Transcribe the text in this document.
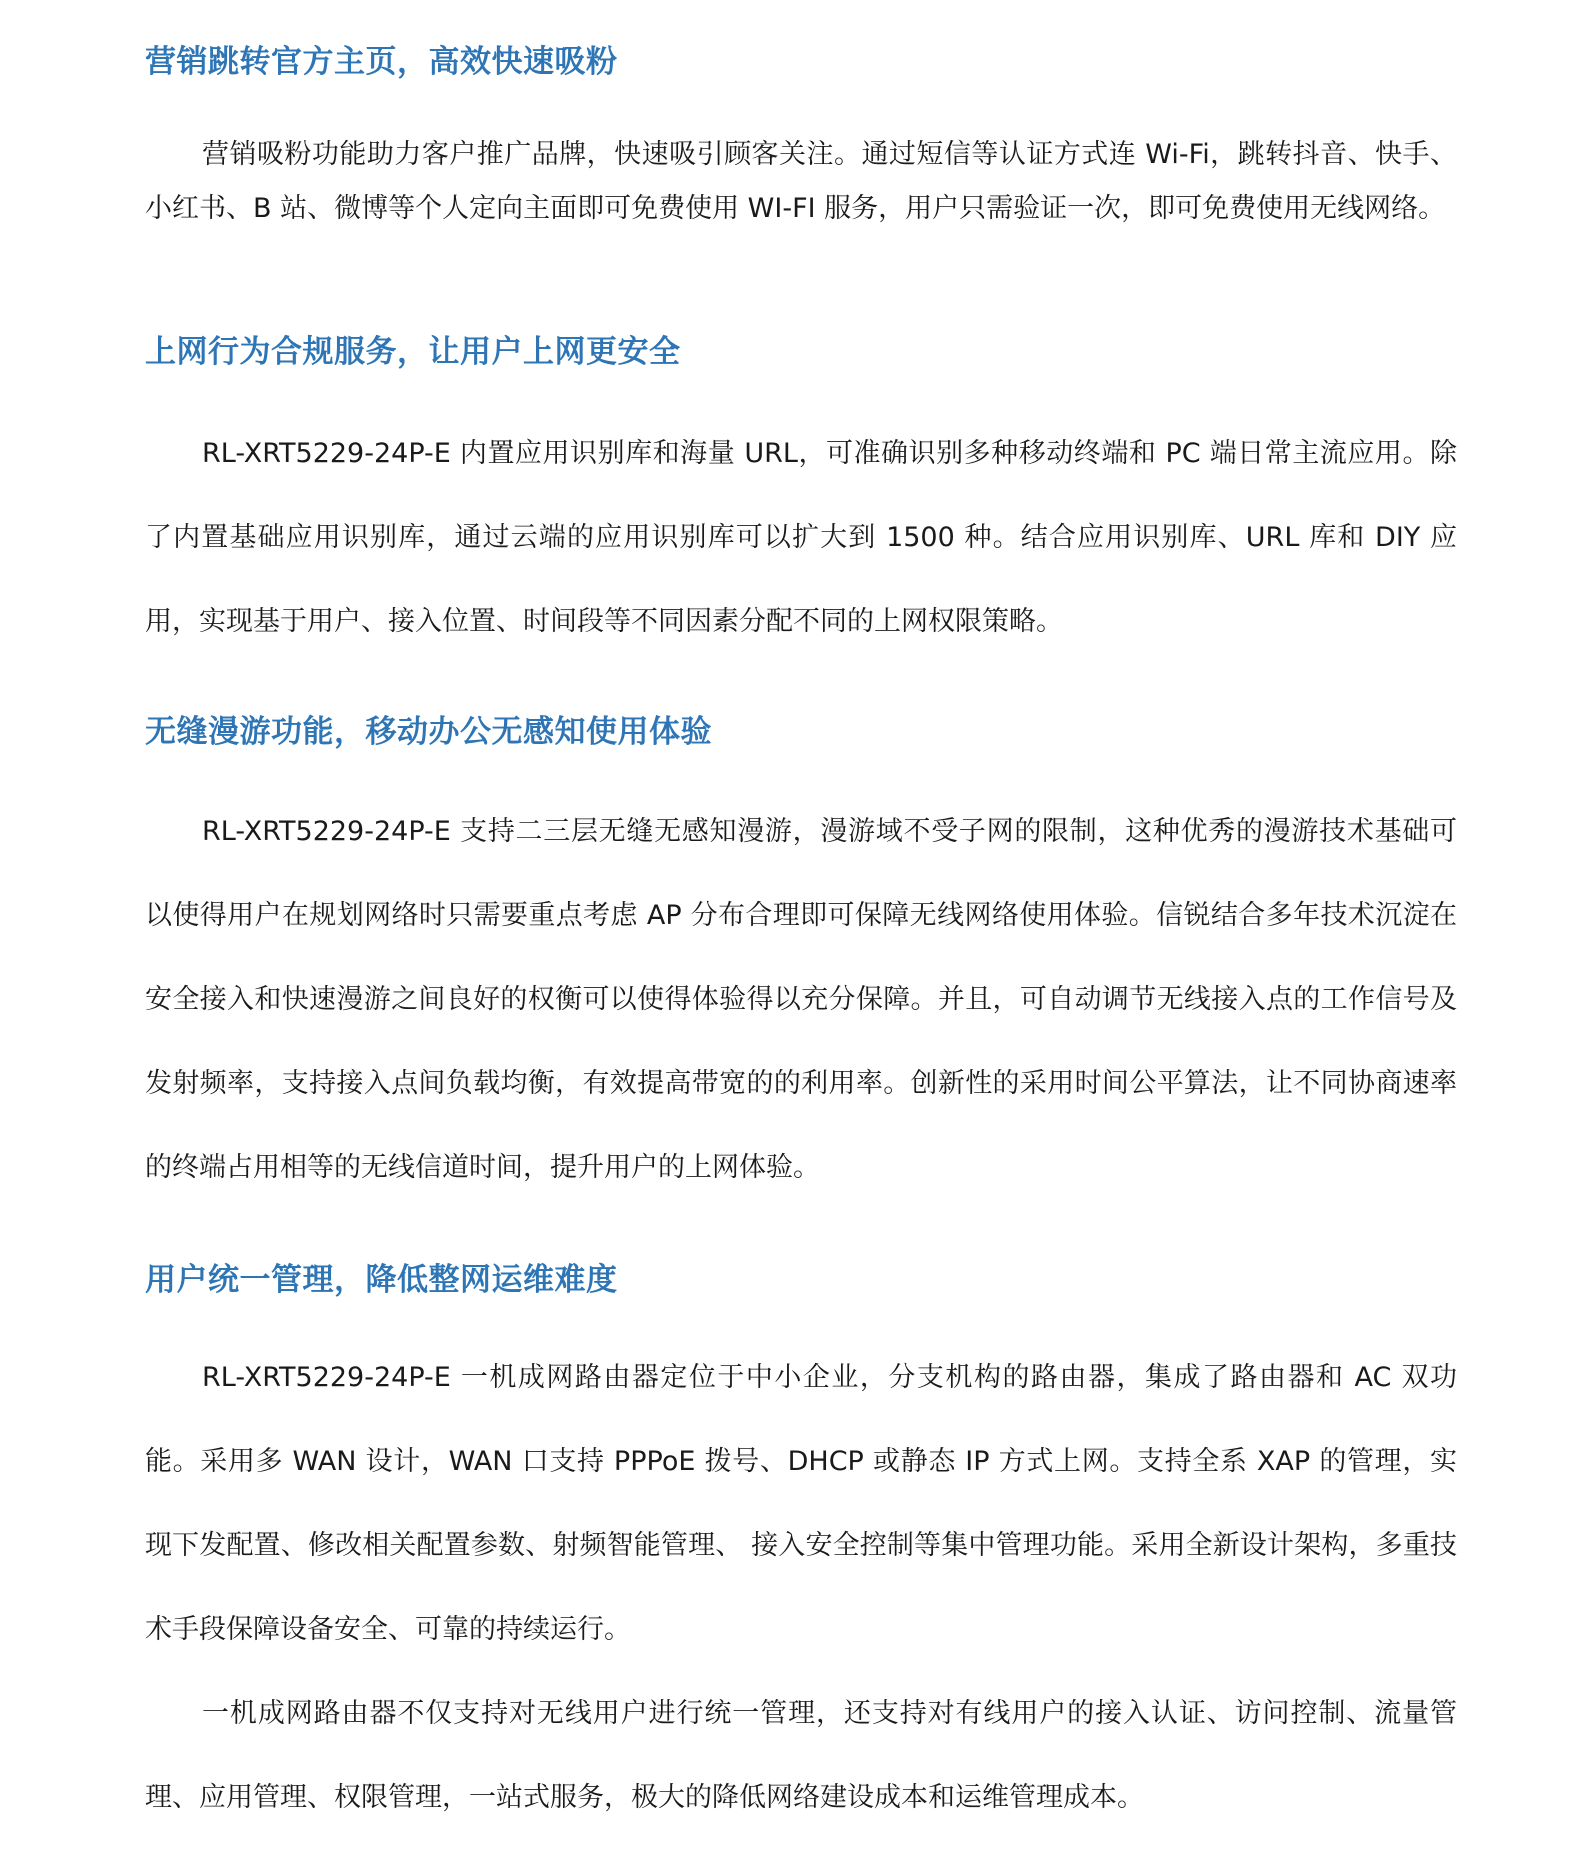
营销跳转官方主页，高效快速吸粉
营销吸粉功能助力客户推广品牌，快速吸引顾客关注。通过短信等认证方式连 Wi-Fi，跳转抖音、快手、小红书、B 站、微博等个人定向主面即可免费使用 WI-FI 服务，用户只需验证一次，即可免费使用无线网络。
上网行为合规服务，让用户上网更安全
RL-XRT5229-24P-E 内置应用识别库和海量 URL，可准确识别多种移动终端和 PC 端日常主流应用。除了内置基础应用识别库，通过云端的应用识别库可以扩大到 1500 种。结合应用识别库、URL 库和 DIY 应用，实现基于用户、接入位置、时间段等不同因素分配不同的上网权限策略。
无缝漫游功能，移动办公无感知使用体验
RL-XRT5229-24P-E 支持二三层无缝无感知漫游，漫游域不受子网的限制，这种优秀的漫游技术基础可以使得用户在规划网络时只需要重点考虑 AP 分布合理即可保障无线网络使用体验。信锐结合多年技术沉淀在安全接入和快速漫游之间良好的权衡可以使得体验得以充分保障。并且，可自动调节无线接入点的工作信号及发射频率，支持接入点间负载均衡，有效提高带宽的的利用率。创新性的采用时间公平算法，让不同协商速率的终端占用相等的无线信道时间，提升用户的上网体验。
用户统一管理，降低整网运维难度
RL-XRT5229-24P-E 一机成网路由器定位于中小企业，分支机构的路由器，集成了路由器和 AC 双功能。采用多 WAN 设计，WAN 口支持 PPPoE 拨号、DHCP 或静态 IP 方式上网。支持全系 XAP 的管理，实现下发配置、修改相关配置参数、射频智能管理、 接入安全控制等集中管理功能。采用全新设计架构，多重技术手段保障设备安全、可靠的持续运行。
一机成网路由器不仅支持对无线用户进行统一管理，还支持对有线用户的接入认证、访问控制、流量管理、应用管理、权限管理，一站式服务，极大的降低网络建设成本和运维管理成本。
